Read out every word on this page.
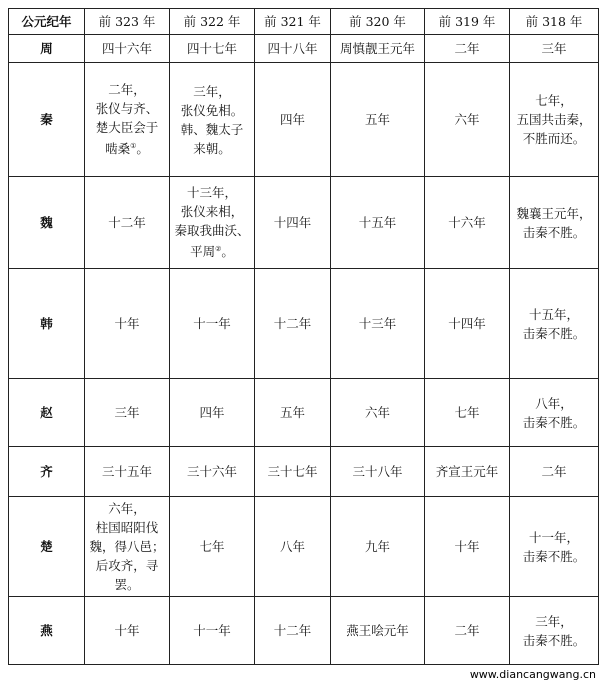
公元纪年	前 323 年	前 322 年	前 321 年	前 320 年	前 319 年	前 318 年
周	四十六年	四十七年	四十八年	周慎靓王元年	二年	三年

秦	二年，
张仪与齐、
楚大臣会于
啮桑①。	三年，
张仪免相。
韩、魏太子
来朝。	四年	五年	六年	七年，
五国共击秦，
不胜而还。

魏	十二年	十三年，
张仪来相，
秦取我曲沃、
平周②。	十四年	十五年	十六年	魏襄王元年，
击秦不胜。

韩	十年	十一年	十二年	十三年	十四年	十五年，
击秦不胜。

赵	三年	四年	五年	六年	七年	八年，
击秦不胜。

齐	三十五年	三十六年	三十七年	三十八年	齐宣王元年	二年

楚	六年，
柱国昭阳伐
魏，得八邑；
后攻齐，寻罢。	七年	八年	九年	十年	十一年，
击秦不胜。

燕	十年	十一年	十二年	燕王哙元年	二年	三年，
击秦不胜。
www.diancangwang.cn
